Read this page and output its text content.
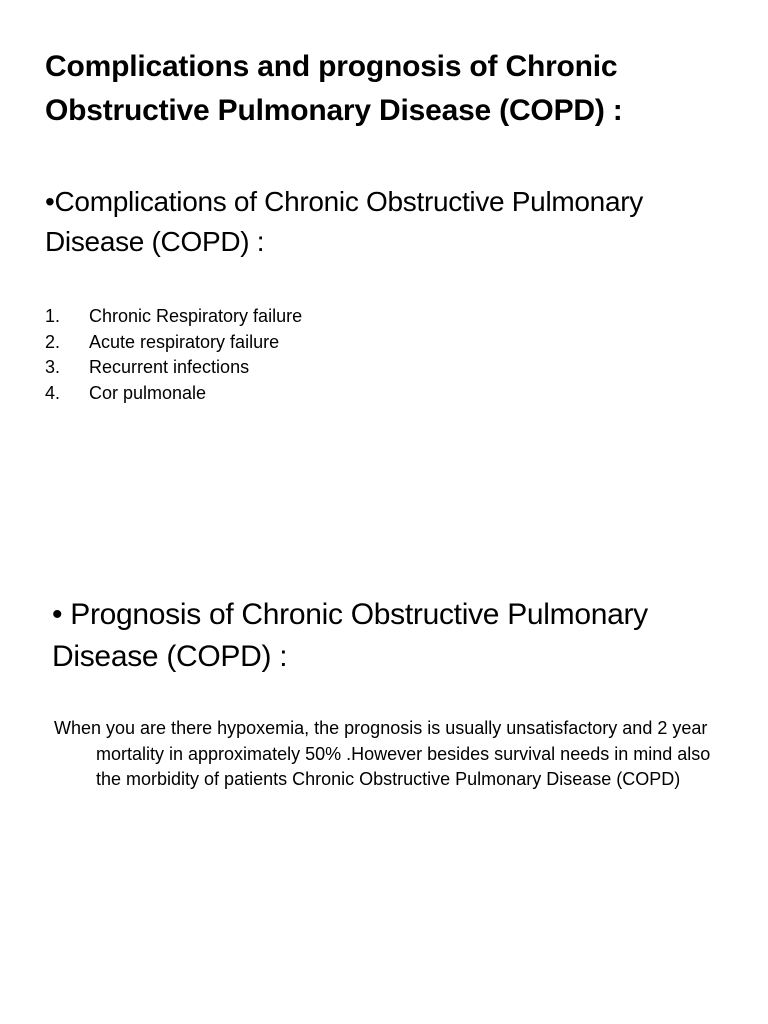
Complications and prognosis of Chronic Obstructive Pulmonary Disease (COPD) :
•Complications of Chronic Obstructive Pulmonary Disease (COPD) :
1.	Chronic Respiratory failure
2.	Acute respiratory failure
3.	Recurrent infections
4.	Cor pulmonale
• Prognosis of Chronic Obstructive Pulmonary Disease (COPD) :
When you are there hypoxemia, the prognosis is usually unsatisfactory and 2 year mortality in approximately 50% .However besides survival needs in mind also the morbidity of patients Chronic Obstructive Pulmonary Disease (COPD)
